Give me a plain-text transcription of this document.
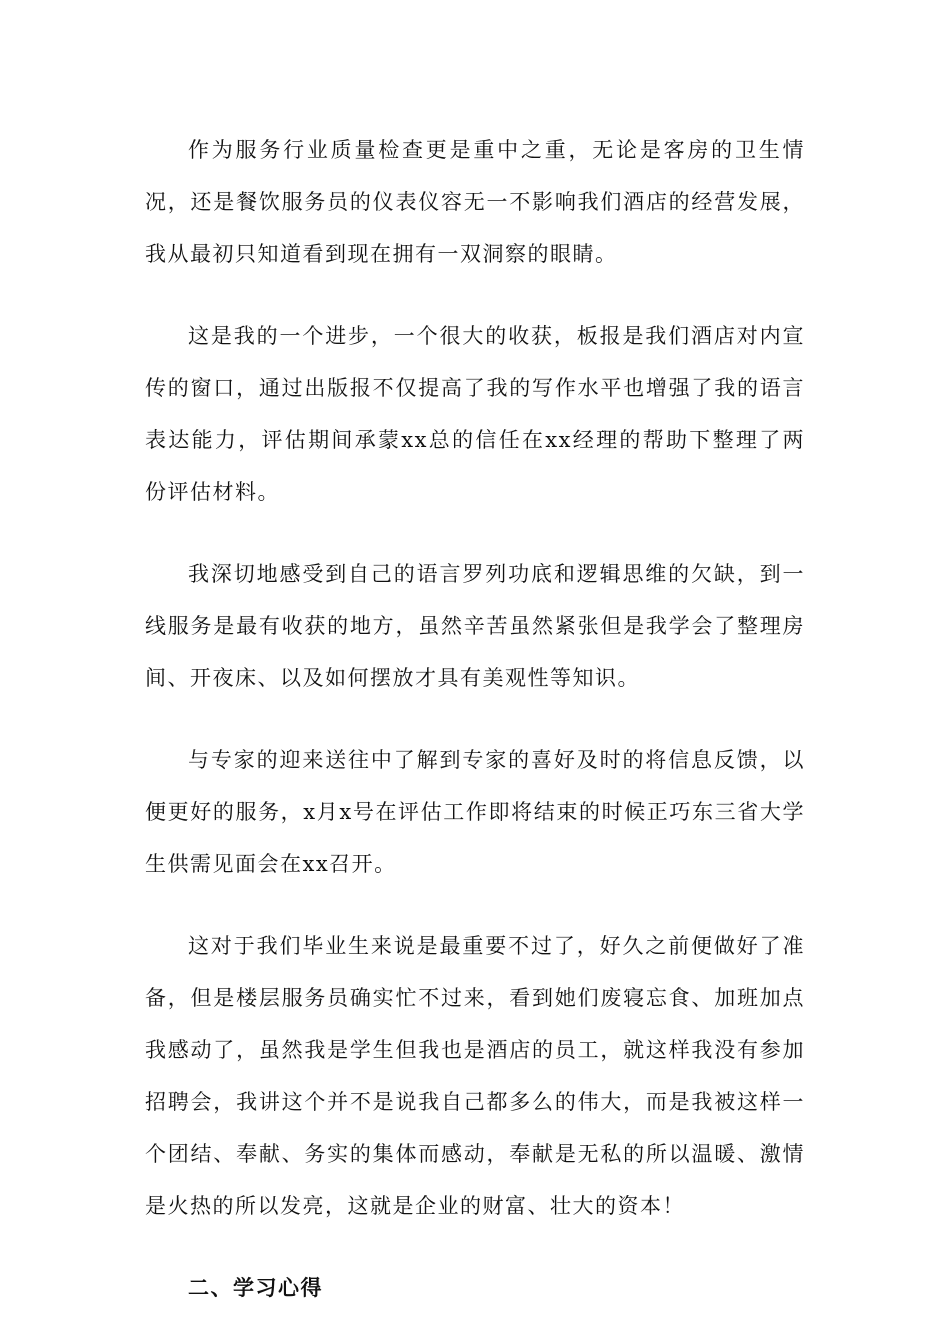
作为服务行业质量检查更是重中之重，无论是客房的卫生情况，还是餐饮服务员的仪表仪容无一不影响我们酒店的经营发展，我从最初只知道看到现在拥有一双洞察的眼睛。

这是我的一个进步，一个很大的收获，板报是我们酒店对内宣传的窗口，通过出版报不仅提高了我的写作水平也增强了我的语言表达能力，评估期间承蒙xx总的信任在xx经理的帮助下整理了两份评估材料。

我深切地感受到自己的语言罗列功底和逻辑思维的欠缺，到一线服务是最有收获的地方，虽然辛苦虽然紧张但是我学会了整理房间、开夜床、以及如何摆放才具有美观性等知识。

与专家的迎来送往中了解到专家的喜好及时的将信息反馈，以便更好的服务，x月x号在评估工作即将结束的时候正巧东三省大学生供需见面会在xx召开。

这对于我们毕业生来说是最重要不过了，好久之前便做好了准备，但是楼层服务员确实忙不过来，看到她们废寝忘食、加班加点我感动了，虽然我是学生但我也是酒店的员工，就这样我没有参加招聘会，我讲这个并不是说我自己都多么的伟大，而是我被这样一个团结、奉献、务实的集体而感动，奉献是无私的所以温暖、激情是火热的所以发亮，这就是企业的财富、壮大的资本！

二、学习心得
